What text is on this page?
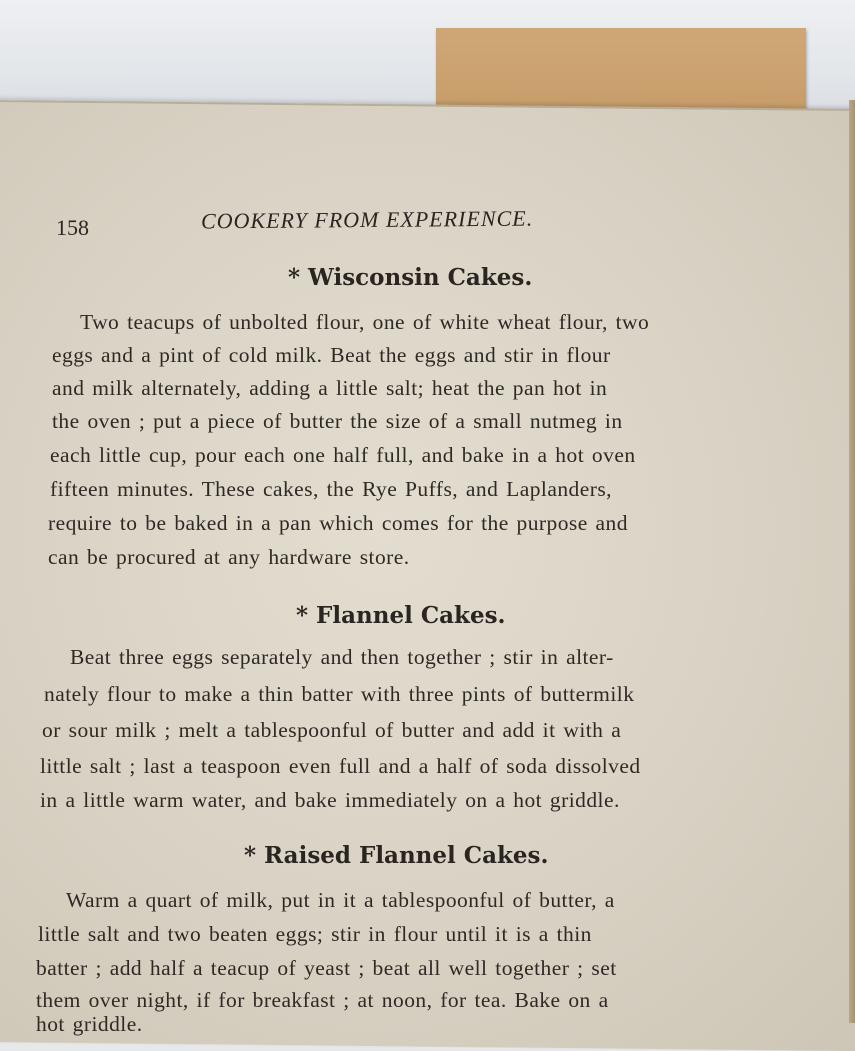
158	COOKERY FROM EXPERIENCE.
* Wisconsin Cakes.
Two teacups of unbolted flour, one of white wheat flour, two
eggs and a pint of cold milk. Beat the eggs and stir in flour
and milk alternately, adding a little salt; heat the pan hot in
the oven ; put a piece of butter the size of a small nutmeg in
each little cup, pour each one half full, and bake in a hot oven
fifteen minutes. These cakes, the Rye Puffs, and Laplanders,
require to be baked in a pan which comes for the purpose and
can be procured at any hardware store.
* Flannel Cakes.
Beat three eggs separately and then together ; stir in alter-
nately flour to make a thin batter with three pints of buttermilk
or sour milk ; melt a tablespoonful of butter and add it with a
little salt ; last a teaspoon even full and a half of soda dissolved
in a little warm water, and bake immediately on a hot griddle.
* Raised Flannel Cakes.
Warm a quart of milk, put in it a tablespoonful of butter, a
little salt and two beaten eggs; stir in flour until it is a thin
batter ; add half a teacup of yeast ; beat all well together ; set
them over night, if for breakfast ; at noon, for tea. Bake on a
hot griddle.
